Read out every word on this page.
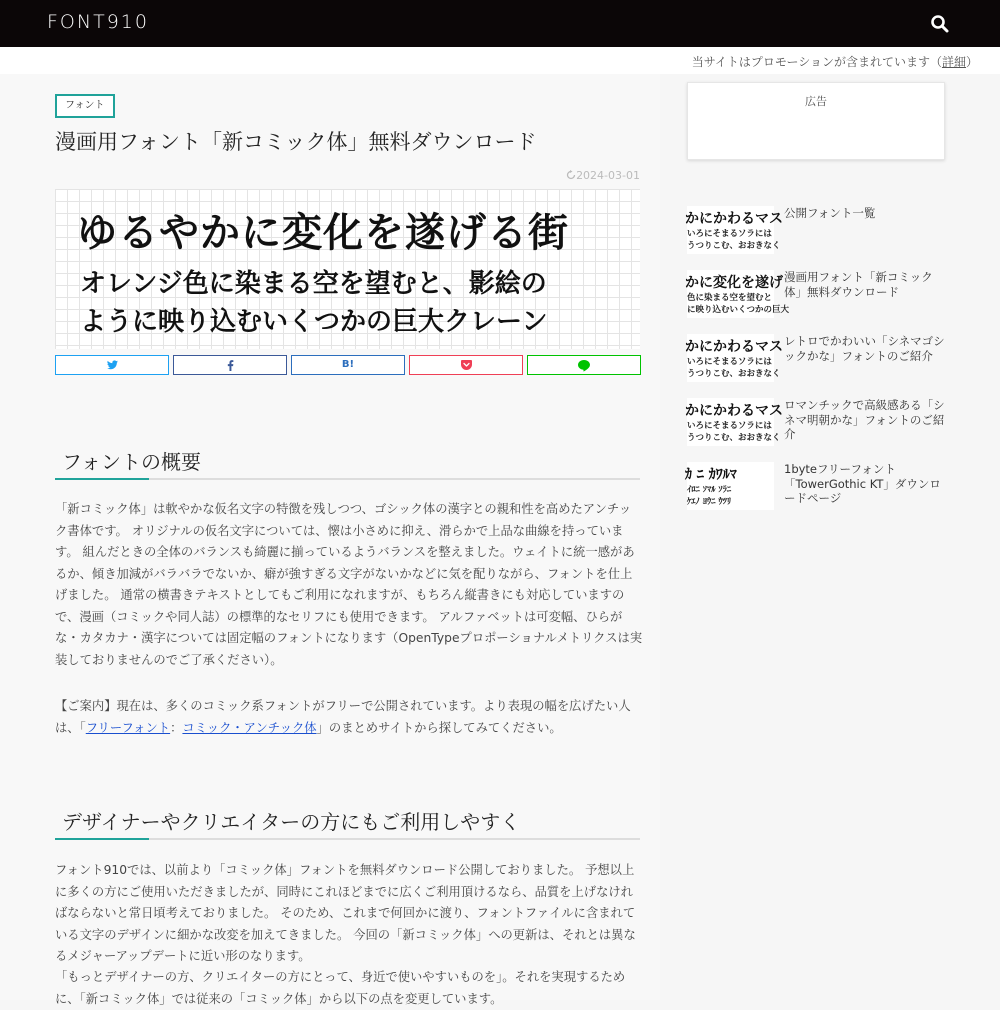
FONT910
当サイトはプロモーションが含まれています（詳細）
フォント
漫画用フォント「新コミック体」無料ダウンロード
2024-03-01
ゆるやかに変化を遂げる街
オレンジ色に染まる空を望むと、影絵の
ように映り込むいくつかの巨大クレーン
B!
フォントの概要

「新コミック体」は軟やかな仮名文字の特徴を残しつつ、ゴシック体の漢字との親和性を高めたアンチック書体です。 オリジナルの仮名文字については、懐は小さめに抑え、滑らかで上品な曲線を持っています。 組んだときの全体のバランスも綺麗に揃っているようバランスを整えました。ウェイトに統一感があるか、傾き加減がバラバラでないか、癖が強すぎる文字がないかなどに気を配りながら、フォントを仕上げました。 通常の横書きテキストとしてもご利用になれますが、もちろん縦書きにも対応していますので、漫画（コミックや同人誌）の標準的なセリフにも使用できます。 アルファベットは可変幅、ひらがな・カタカナ・漢字については固定幅のフォントになります（OpenTypeプロポーショナルメトリクスは実装しておりませんのでご了承ください）。

【ご案内】現在は、多くのコミック系フォントがフリーで公開されています。より表現の幅を広げたい人は、「フリーフォント：コミック・アンチック体」のまとめサイトから探してみてください。

デザイナーやクリエイターの方にもご利用しやすく

フォント910では、以前より「コミック体」フォントを無料ダウンロード公開しておりました。 予想以上に多くの方にご使用いただきましたが、同時にこれほどまでに広くご利用頂けるなら、品質を上げなければならないと常日頃考えておりました。 そのため、これまで何回かに渡り、フォントファイルに含まれている文字のデザインに細かな改変を加えてきました。 今回の「新コミック体」への更新は、それとは異なるメジャーアップデートに近い形のなります。

「もっとデザイナーの方、クリエイターの方にとって、身近で使いやすいものを」。それを実現するために、「新コミック体」では従来の「コミック体」から以下の点を変更しています。

広告
かにかわるマス
いろにそまるソラには
うつりこむ、おおきなく
公開フォント一覧
かに変化を遂げ
色に染まる空を望むと
に映り込むいくつかの巨大
漫画用フォント「新コミック体」無料ダウンロード
かにかわるマス
いろにそまるソラには
うつりこむ、おおきなく
レトロでかわいい「シネマゴシックかな」フォントのご紹介
かにかわるマス
いろにそまるソラには
うつりこむ、おおきなく
ロマンチックで高級感ある「シネマ明朝かな」フォントのご紹介
ｶ ﾆ ｶﾜﾙﾏ
ｲﾛﾆ ｿﾏﾙ ｿﾗﾆ
ｹｴﾉ ﾖｳﾆ ｳﾂﾘ
1byteフリーフォント「TowerGothic KT」ダウンロードページ
